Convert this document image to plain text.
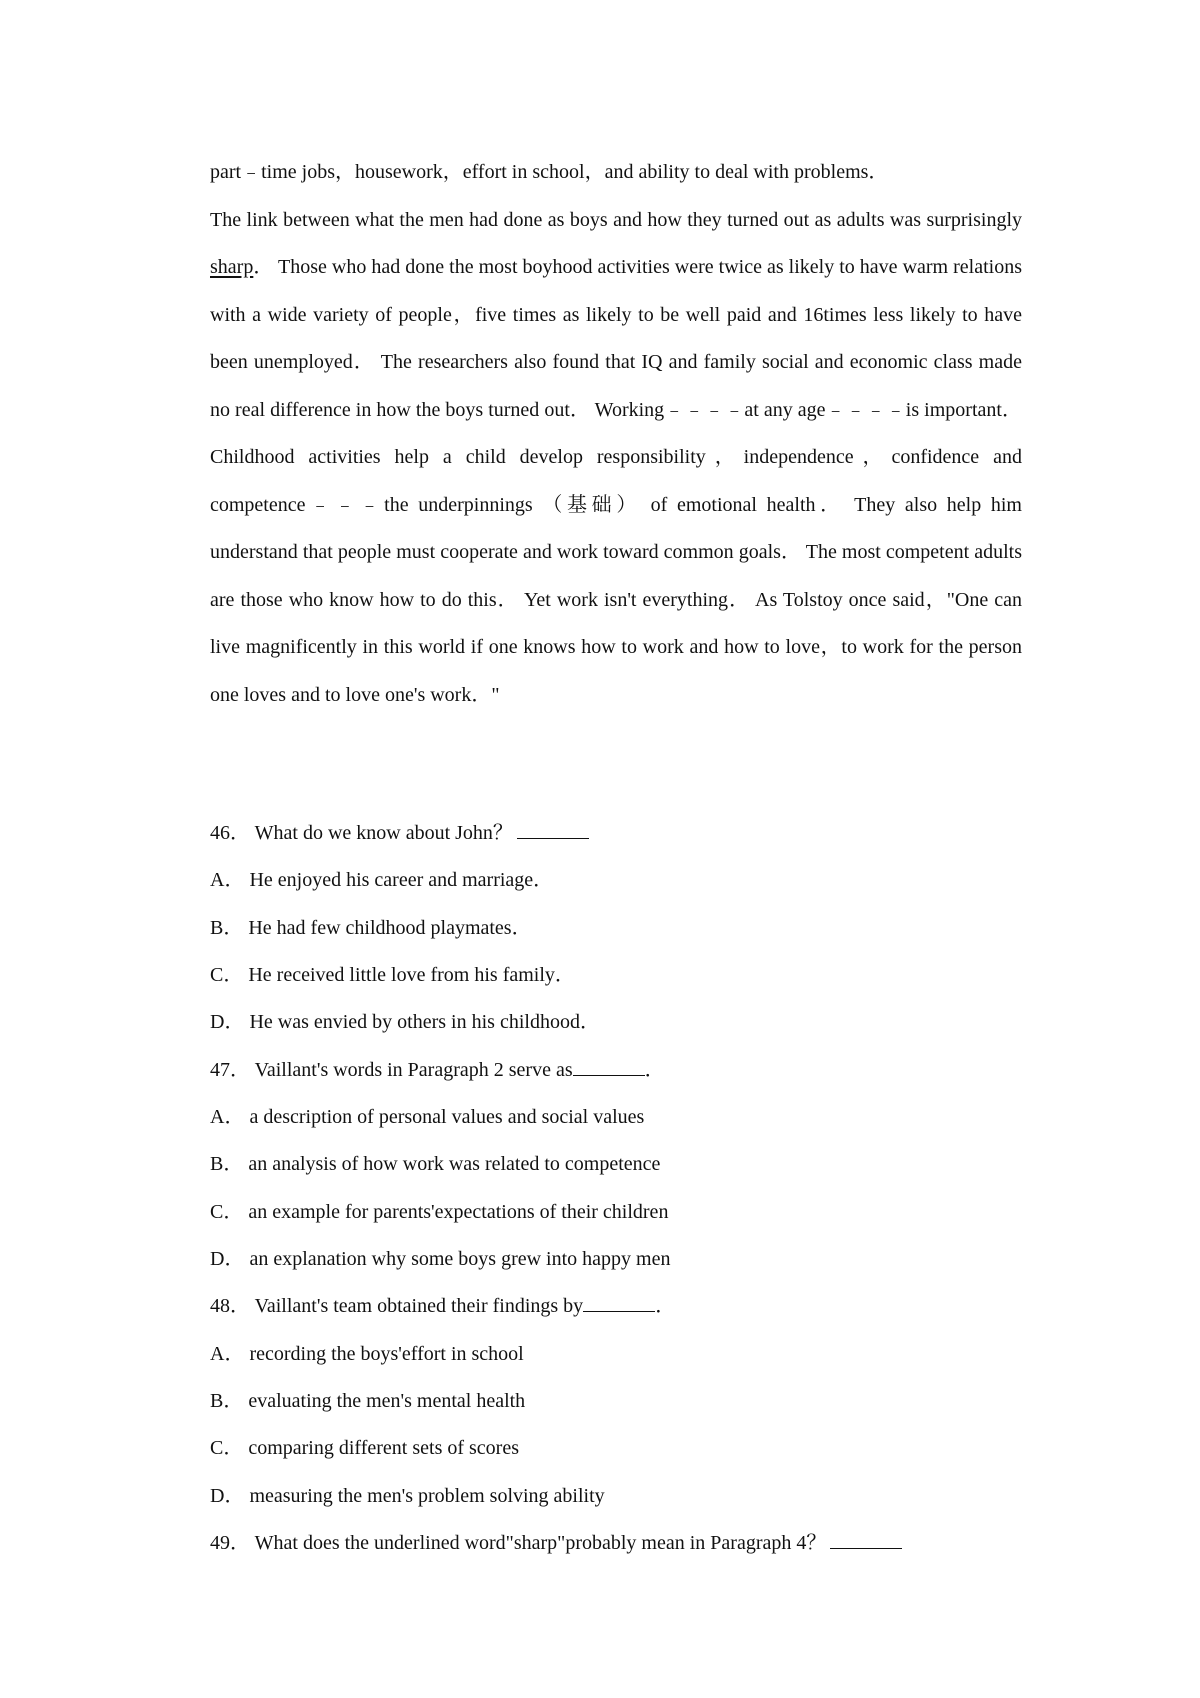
part﹣time jobs，housework，effort in school，and ability to deal with problems．

The link between what the men had done as boys and how they turned out as adults was surprisingly sharp． Those who had done the most boyhood activities were twice as likely to have warm relations with a wide variety of people，five times as likely to be well paid and 16times less likely to have been unemployed． The researchers also found that IQ and family social and economic class made no real difference in how the boys turned out． Working﹣﹣﹣﹣at any age﹣﹣﹣﹣is important． Childhood activities help a child develop responsibility，independence，confidence and competence﹣﹣﹣the underpinnings （基础） of emotional health． They also help him understand that people must cooperate and work toward common goals． The most competent adults are those who know how to do this． Yet work isn't everything． As Tolstoy once said，"One can live magnificently in this world if one knows how to work and how to love，to work for the person one loves and to love one's work．"

46． What do we know about John？
A． He enjoyed his career and marriage．
B． He had few childhood playmates．
C． He received little love from his family．
D． He was envied by others in his childhood．
47． Vaillant's words in Paragraph 2 serve as	．
A． a description of personal values and social values
B． an analysis of how work was related to competence
C． an example for parents'expectations of their children
D． an explanation why some boys grew into happy men
48． Vaillant's team obtained their findings by	．
A． recording the boys'effort in school
B． evaluating the men's mental health
C． comparing different sets of scores
D． measuring the men's problem solving ability
49． What does the underlined word"sharp"probably mean in Paragraph 4？
